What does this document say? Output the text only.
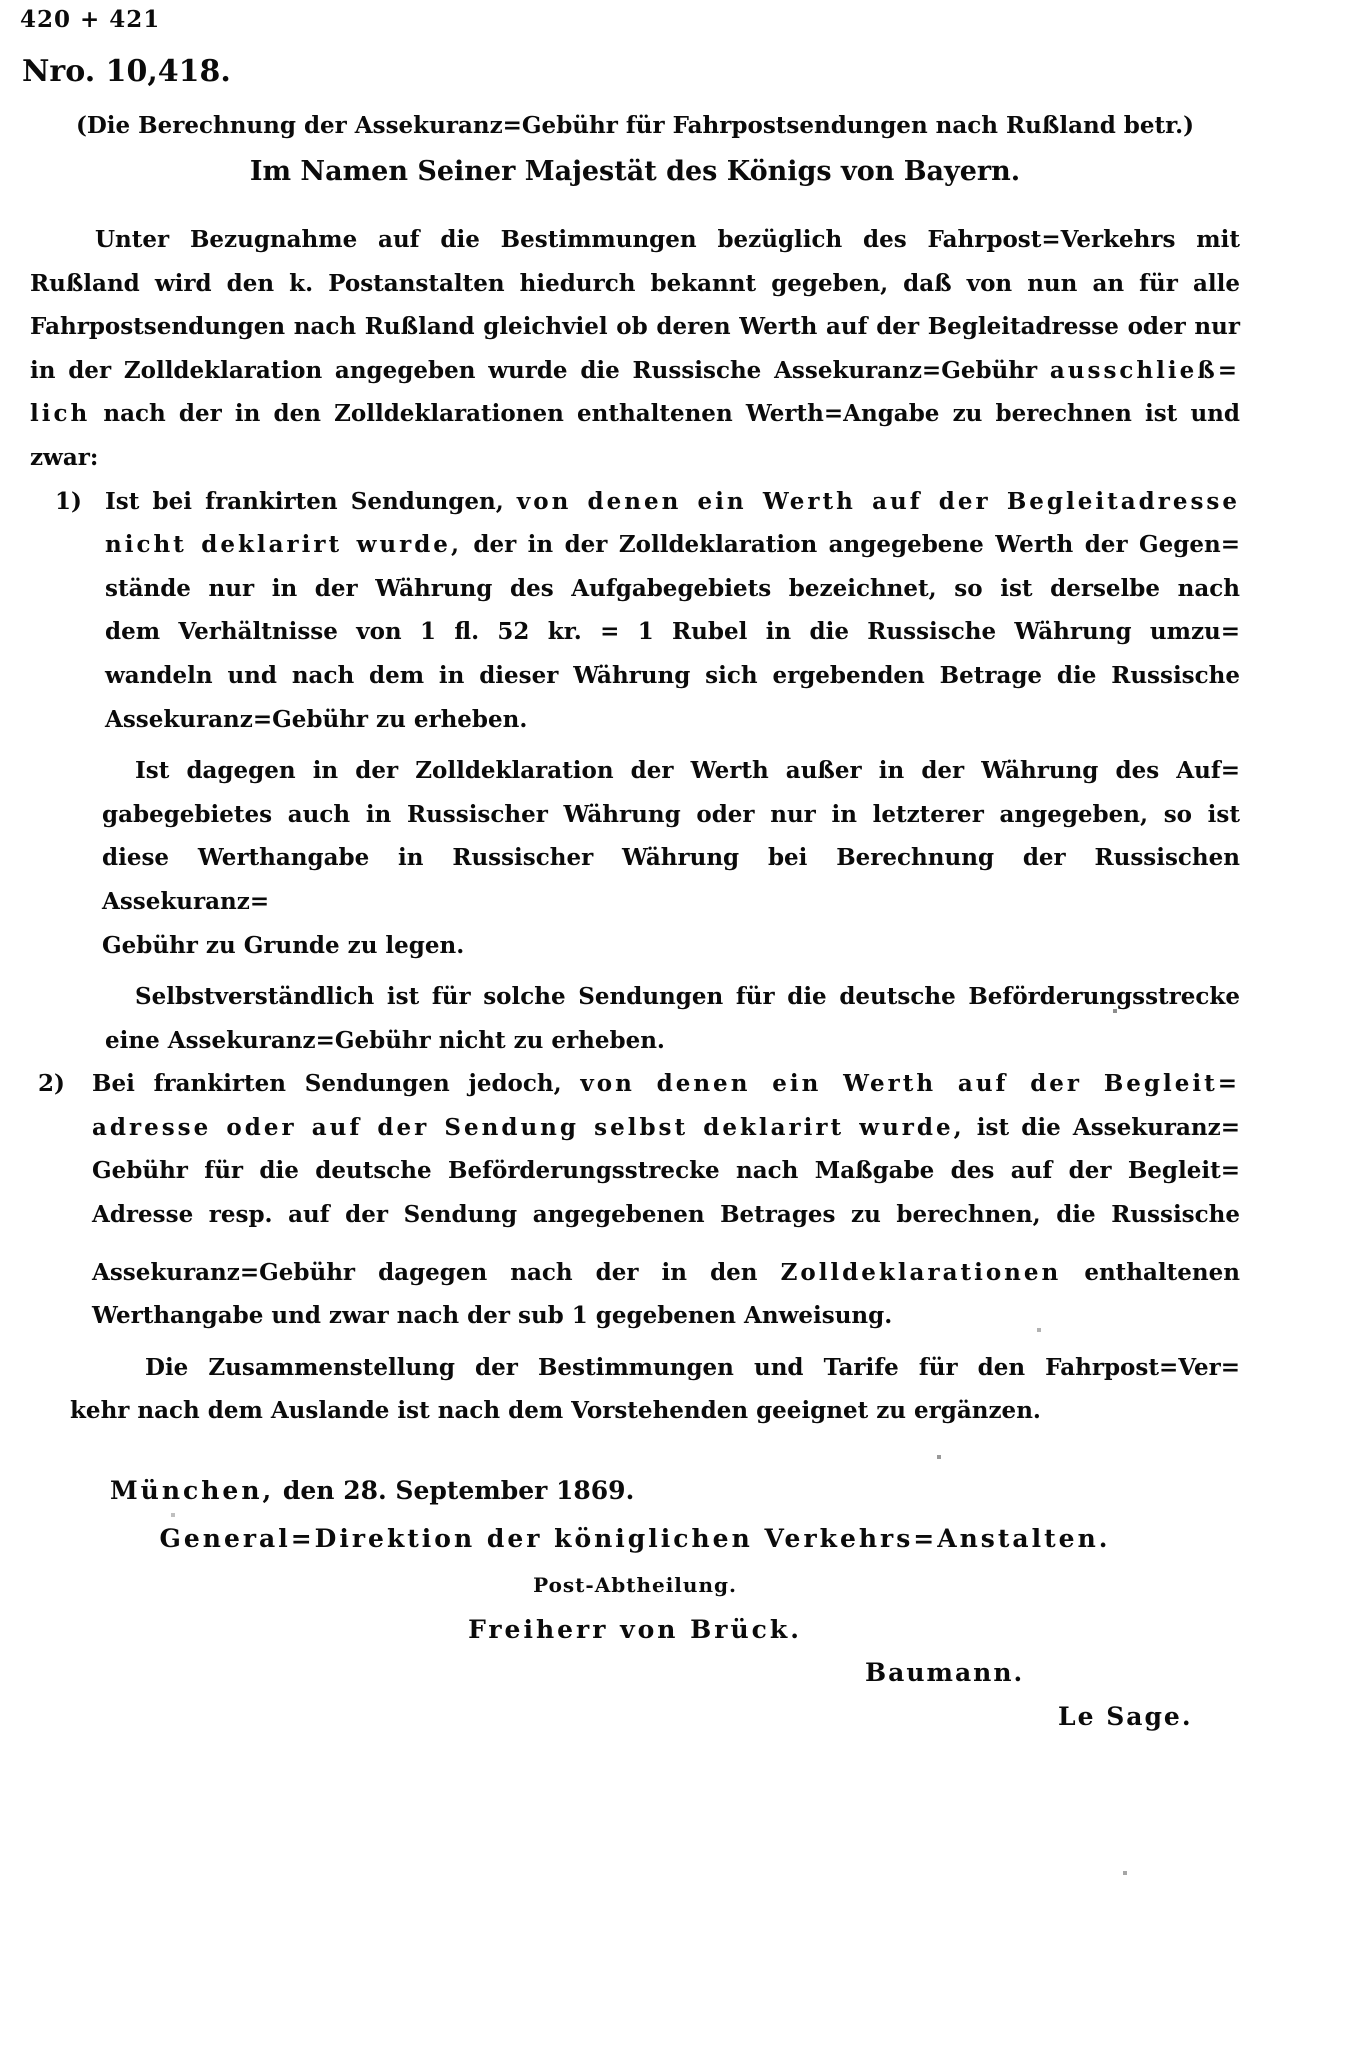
420 + 421
Nro. 10,418.
(Die Berechnung der Assekuranz=Gebühr für Fahrpostsendungen nach Rußland betr.)
Im Namen Seiner Majestät des Königs von Bayern.
Unter Bezugnahme auf die Bestimmungen bezüglich des Fahrpost=Verkehrs mit
Rußland wird den k. Postanstalten hiedurch bekannt gegeben, daß von nun an für alle
Fahrpostsendungen nach Rußland gleichviel ob deren Werth auf der Begleitadresse oder nur
in der Zolldeklaration angegeben wurde die Russische Assekuranz=Gebühr ausschließ=
lich nach der in den Zolldeklarationen enthaltenen Werth=Angabe zu berechnen ist und zwar:
1) Ist bei frankirten Sendungen, von denen ein Werth auf der Begleitadresse
nicht deklarirt wurde, der in der Zolldeklaration angegebene Werth der Gegen=
stände nur in der Währung des Aufgabegebiets bezeichnet, so ist derselbe nach
dem Verhältnisse von 1 fl. 52 kr. = 1 Rubel in die Russische Währung umzu=
wandeln und nach dem in dieser Währung sich ergebenden Betrage die Russische
Assekuranz=Gebühr zu erheben.
Ist dagegen in der Zolldeklaration der Werth außer in der Währung des Auf=
gabegebietes auch in Russischer Währung oder nur in letzterer angegeben, so ist
diese Werthangabe in Russischer Währung bei Berechnung der Russischen Assekuranz=
Gebühr zu Grunde zu legen.
Selbstverständlich ist für solche Sendungen für die deutsche Beförderungsstrecke
eine Assekuranz=Gebühr nicht zu erheben.
2) Bei frankirten Sendungen jedoch, von denen ein Werth auf der Begleit=
adresse oder auf der Sendung selbst deklarirt wurde, ist die Assekuranz=
Gebühr für die deutsche Beförderungsstrecke nach Maßgabe des auf der Begleit=
Adresse resp. auf der Sendung angegebenen Betrages zu berechnen, die Russische
Assekuranz=Gebühr dagegen nach der in den Zolldeklarationen enthaltenen
Werthangabe und zwar nach der sub 1 gegebenen Anweisung.
Die Zusammenstellung der Bestimmungen und Tarife für den Fahrpost=Ver=
kehr nach dem Auslande ist nach dem Vorstehenden geeignet zu ergänzen.
München, den 28. September 1869.
General=Direktion der königlichen Verkehrs=Anstalten.
Post-Abtheilung.
Freiherr von Brück.
Baumann.
Le Sage.
